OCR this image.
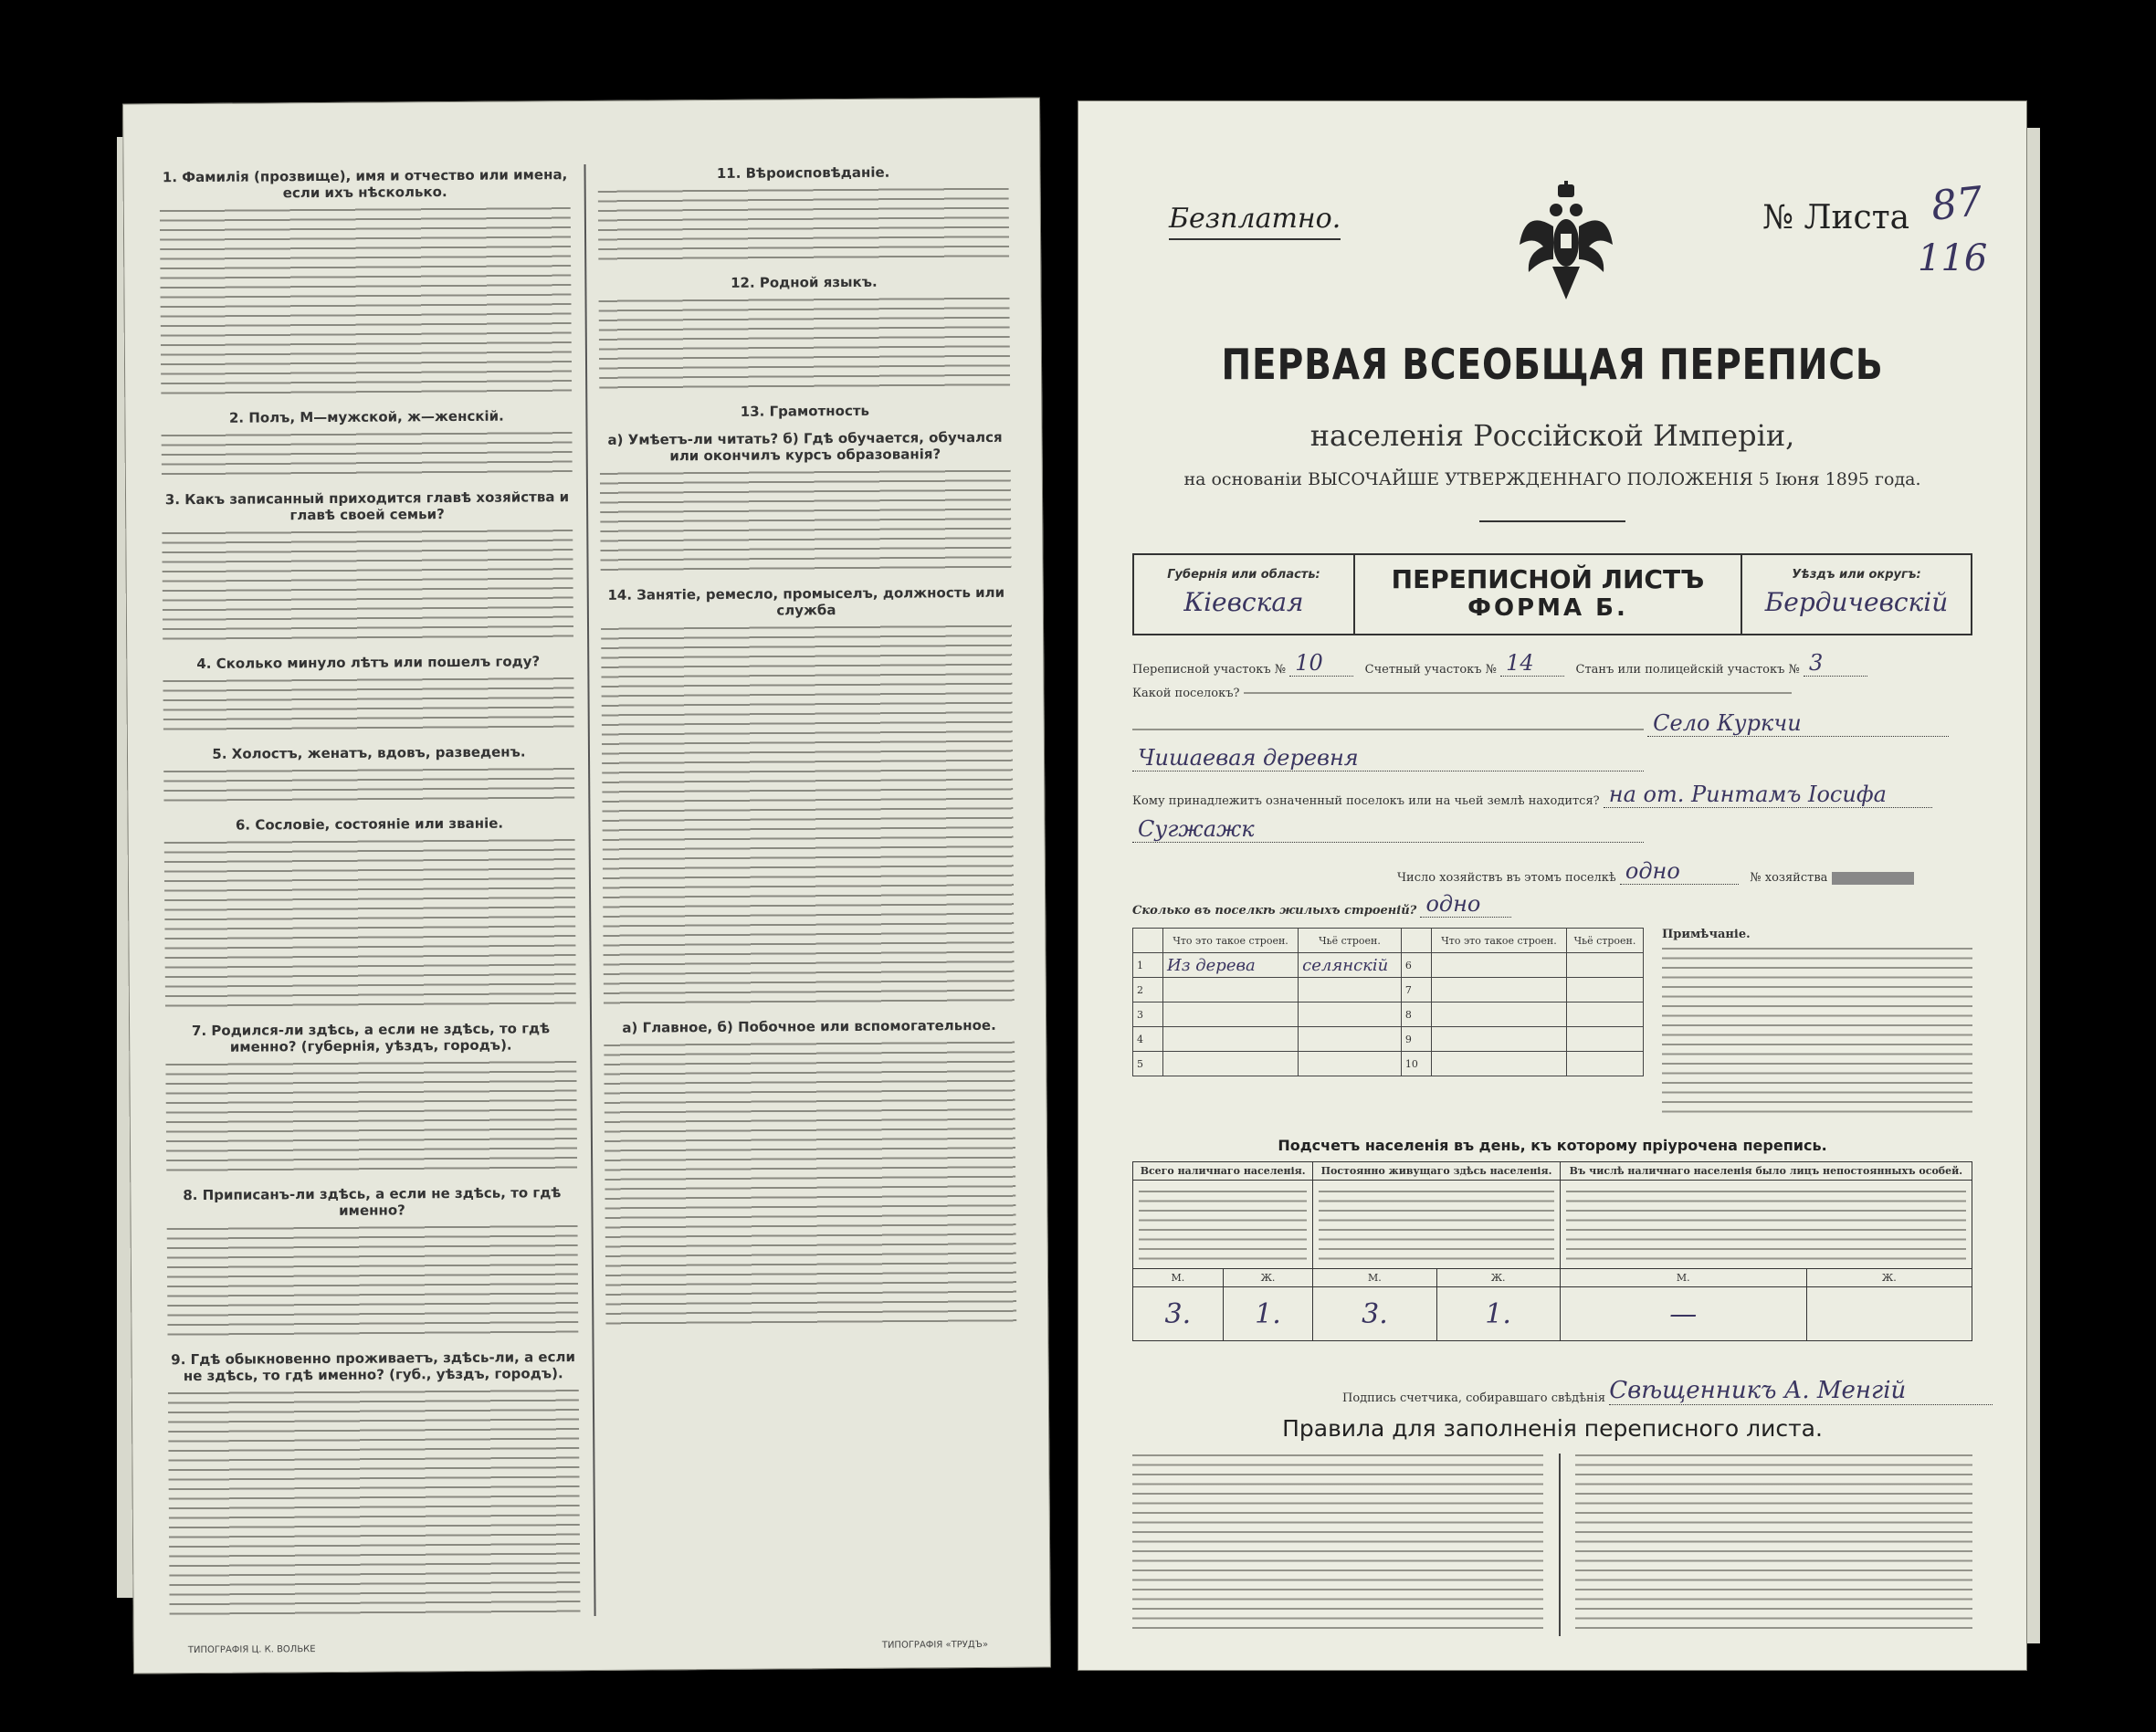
1. Фамилія (прозвище), имя и отчество или имена, если ихъ нѣсколько.
2. Полъ, М—мужской, ж—женскій.
3. Какъ записанный приходится главѣ хозяйства и главѣ своей семьи?
4. Сколько минуло лѣтъ или пошелъ году?
5. Холостъ, женатъ, вдовъ, разведенъ.
6. Сословіе, состояніе или званіе.
7. Родился-ли здѣсь, а если не здѣсь, то гдѣ именно? (губернія, уѣздъ, городъ).
8. Приписанъ-ли здѣсь, а если не здѣсь, то гдѣ именно?
9. Гдѣ обыкновенно проживаетъ, здѣсь-ли, а если не здѣсь, то гдѣ именно? (губ., уѣздъ, городъ).
11. Вѣроисповѣданіе.
12. Родной языкъ.
13. Грамотность
а) Умѣетъ-ли читать? б) Гдѣ обучается, обучался или окончилъ курсъ образованія?
14. Занятіе, ремесло, промыселъ, должность или служба
а) Главное, б) Побочное или вспомогательное.
ТИПОГРАФІЯ Ц. К. ВОЛЬКЕ	ТИПОГРАФІЯ «ТРУДЪ»
Безплатно.	№ Листа 87
116
ПЕРВАЯ ВСЕОБЩАЯ ПЕРЕПИСЬ
населенія Россійской Имперіи,
на основаніи ВЫСОЧАЙШЕ УТВЕРЖДЕННАГО ПОЛОЖЕНІЯ 5 Іюня 1895 года.
Губернія или область:
Кіевская
ПЕРЕПИСНОЙ ЛИСТЪ
ФОРМА Б.
Уѣздъ или округъ:
Бердичевскій
Переписной участокъ № 10	Счетный участокъ № 14	Станъ или полицейскій участокъ № 3
Какой поселокъ?
Село Куркчи
Чишаевая деревня
Кому принадлежитъ означенный поселокъ или на чьей землѣ находится? на от. Ринтамъ Іосифа
Сугжажк
Число хозяйствъ въ этомъ поселкѣ одно	№ хозяйства
Сколько въ поселкѣ жилыхъ строеній? одно
	Что это такое строен.	Чьё строен.		Что это такое строен.	Чьё строен.
1	Из дерева	селянскій	6		
2			7		
3			8		
4			9		
5			10		
Примѣчаніе.
Подсчетъ населенія въ день, къ которому пріурочена перепись.
Всего наличнаго населенія.		Постоянно живущаго здѣсь населенія.		Въ числѣ наличнаго населенія было лицъ непостоянныхъ особей.	

М.	Ж.	М.	Ж.	М.	Ж.
3.	1.	3.	1.	—	
Подпись счетчика, собиравшаго свѣдѣнія Свѣщенникъ А. Менгій
Правила для заполненія переписного листа.
